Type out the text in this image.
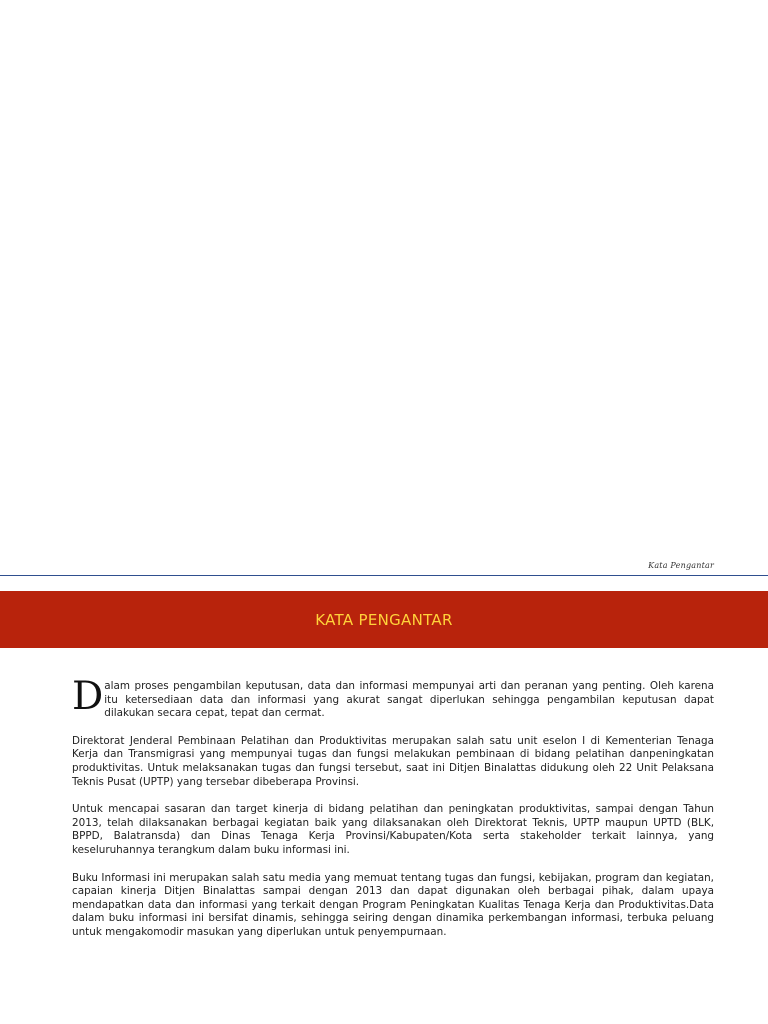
Kata Pengantar
KATA PENGANTAR

Dalam proses pengambilan keputusan, data dan informasi mempunyai arti dan peranan yang penting. Oleh karena itu ketersediaan data dan informasi yang akurat sangat diperlukan sehingga pengambilan keputusan dapat dilakukan secara cepat, tepat dan cermat.

Direktorat Jenderal Pembinaan Pelatihan dan Produktivitas merupakan salah satu unit eselon I di Kementerian Tenaga Kerja dan Transmigrasi yang mempunyai tugas dan fungsi melakukan pembinaan di bidang pelatihan danpeningkatan produktivitas. Untuk melaksanakan tugas dan fungsi tersebut, saat ini Ditjen Binalattas didukung oleh 22 Unit Pelaksana Teknis Pusat (UPTP) yang tersebar dibeberapa Provinsi.

Untuk mencapai sasaran dan target kinerja di bidang pelatihan dan peningkatan produktivitas, sampai dengan Tahun 2013, telah dilaksanakan berbagai kegiatan baik yang dilaksanakan oleh Direktorat Teknis, UPTP maupun UPTD (BLK, BPPD, Balatransda) dan Dinas Tenaga Kerja Provinsi/Kabupaten/Kota serta stakeholder terkait lainnya, yang keseluruhannya terangkum dalam buku informasi ini.

Buku Informasi ini merupakan salah satu media yang memuat tentang tugas dan fungsi, kebijakan, program dan kegiatan, capaian kinerja Ditjen Binalattas sampai dengan 2013 dan dapat digunakan oleh berbagai pihak, dalam upaya mendapatkan data dan informasi yang terkait dengan Program Peningkatan Kualitas Tenaga Kerja dan Produktivitas.Data dalam buku informasi ini bersifat dinamis, sehingga seiring dengan dinamika perkembangan informasi, terbuka peluang untuk mengakomodir masukan yang diperlukan untuk penyempurnaan.
